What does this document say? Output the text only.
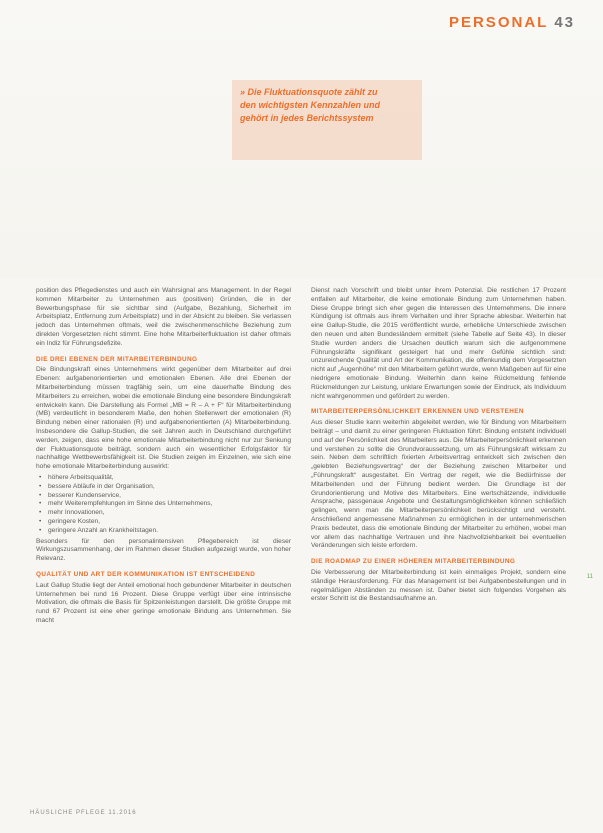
PERSONAL 43
» Die Fluktuationsquote zählt zu den wichtigsten Kennzahlen und gehört in jedes Berichtssystem

position des Pflegedienstes und auch ein Wahrsignal ans Management. In der Regel kommen Mitarbeiter zu Unternehmen aus (positiven) Gründen, die in der Bewerbungsphase für sie sichtbar sind (Aufgabe, Bezahlung, Sicherheit im Arbeitsplatz, Entfernung zum Arbeitsplatz) und in der Absicht zu bleiben. Sie verlassen jedoch das Unternehmen oftmals, weil die zwischenmenschliche Beziehung zum direkten Vorgesetzten nicht stimmt. Eine hohe Mitarbeiterfluktuation ist daher oftmals ein Indiz für Führungsdefizite.

DIE DREI EBENEN DER MITARBEITERBINDUNG

Die Bindungskraft eines Unternehmens wirkt gegenüber dem Mitarbeiter auf drei Ebenen: aufgabenorientierten und emotionalen Ebenen. Alle drei Ebenen der Mitarbeiterbindung müssen tragfähig sein, um eine dauerhafte Bindung des Mitarbeiters zu erreichen, wobei die emotionale Bindung eine besondere Bindungskraft entwickeln kann. Die Darstellung als Formel „MB = R – A + F“ für Mitarbeiterbindung (MB) verdeutlicht in besonderem Maße, den hohen Stellenwert der emotionalen (R) Bindung neben einer rationalen (R) und aufgabenorientierten (A) Mitarbeiterbindung. Insbesondere die Gallup-Studien, die seit Jahren auch in Deutschland durchgeführt werden, zeigen, dass eine hohe emotionale Mitarbeiterbindung nicht nur zur Senkung der Fluktuationsquote beiträgt, sondern auch ein wesentlicher Erfolgsfaktor für nachhaltige Wettbewerbsfähigkeit ist. Die Studien zeigen im Einzelnen, wie sich eine hohe emotionale Mitarbeiterbindung auswirkt:

• höhere Arbeitsqualität,
• bessere Abläufe in der Organisation,
• besserer Kundenservice,
• mehr Weiterempfehlungen im Sinne des Unternehmens,
• mehr Innovationen,
• geringere Kosten,
• geringere Anzahl an Krankheitstagen.

Besonders für den personalintensiven Pflegebereich ist dieser Wirkungszusammenhang, der im Rahmen dieser Studien aufgezeigt wurde, von hoher Relevanz.

QUALITÄT UND ART DER KOMMUNIKATION IST ENTSCHEIDEND

Laut Gallup Studie liegt der Anteil emotional hoch gebundener Mitarbeiter in deutschen Unternehmen bei rund 16 Prozent. Diese Gruppe verfügt über eine intrinsische Motivation, die oftmals die Basis für Spitzenleistungen darstellt. Die größte Gruppe mit rund 67 Prozent ist eine eher geringe emotionale Bindung ans Unternehmen. Sie macht

Dienst nach Vorschrift und bleibt unter ihrem Potenzial. Die restlichen 17 Prozent entfallen auf Mitarbeiter, die keine emotionale Bindung zum Unternehmen haben. Diese Gruppe bringt sich eher gegen die Interessen des Unternehmens. Die innere Kündigung ist oftmals aus ihrem Verhalten und ihrer Sprache ablesbar. Weiterhin hat eine Gallup-Studie, die 2015 veröffentlicht wurde, erhebliche Unterschiede zwischen den neuen und alten Bundesländern ermittelt (siehe Tabelle auf Seite 43). In dieser Studie wurden anders die Ursachen deutlich warum sich die aufgenommene Führungskräfte signifikant gesteigert hat und mehr Gefühle sichtlich sind: unzureichende Qualität und Art der Kommunikation, die offenkundig dem Vorgesetzten nicht auf „Augenhöhe“ mit den Mitarbeitern geführt wurde, wenn Maßgeben auf für eine niedrigere emotionale Bindung. Weiterhin dann keine Rückmeldung fehlende Rückmeldungen zur Leistung, unklare Erwartungen sowie der Eindruck, als Individuum nicht wahrgenommen und gefördert zu werden.

MITARBEITERPERSÖNLICHKEIT ERKENNEN UND VERSTEHEN

Aus dieser Studie kann weiterhin abgeleitet werden, wie für Bindung von Mitarbeitern beiträgt – und damit zu einer geringeren Fluktuation führt: Bindung entsteht individuell und auf der Persönlichkeit des Mitarbeiters aus. Die Mitarbeiterpersönlichkeit erkennen und verstehen zu sollte die Grundvoraussetzung, um als Führungskraft wirksam zu sein. Neben dem schriftlich fixierten Arbeitsvertrag entwickelt sich zwischen den „gelebten Beziehungsvertrag“ der der Beziehung zwischen Mitarbeiter und „Führungskraft“ ausgestaltet. Ein Vertrag der regelt, wie die Bedürfnisse der Mitarbeitenden und der Führung bedient werden. Die Grundlage ist der Grundorientierung und Motive des Mitarbeiters. Eine wertschätzende, individuelle Ansprache, passgenaue Angebote und Gestaltungsmöglichkeiten können schließlich gelingen, wenn man die Mitarbeiterpersönlichkeit berücksichtigt und versteht. Anschließend angemessene Maßnahmen zu ermöglichen in der unternehmerischen Praxis bedeutet, dass die emotionale Bindung der Mitarbeiter zu erhöhen, wobei man vor allem das nachhaltige Vertrauen und ihre Nachvollziehbarkeit bei eventuellen Veränderungen sich leiste erfordern.

DIE ROADMAP ZU EINER HÖHEREN MITARBEITERBINDUNG

Die Verbesserung der Mitarbeiterbindung ist kein einmaliges Projekt, sondern eine ständige Herausforderung. Für das Management ist bei Aufgabenbestellungen und in regelmäßigen Abständen zu messen ist. Daher bietet sich folgendes Vorgehen als erster Schritt ist die Bestandsaufnahme an.

11
HÄUSLICHE PFLEGE 11.2016
